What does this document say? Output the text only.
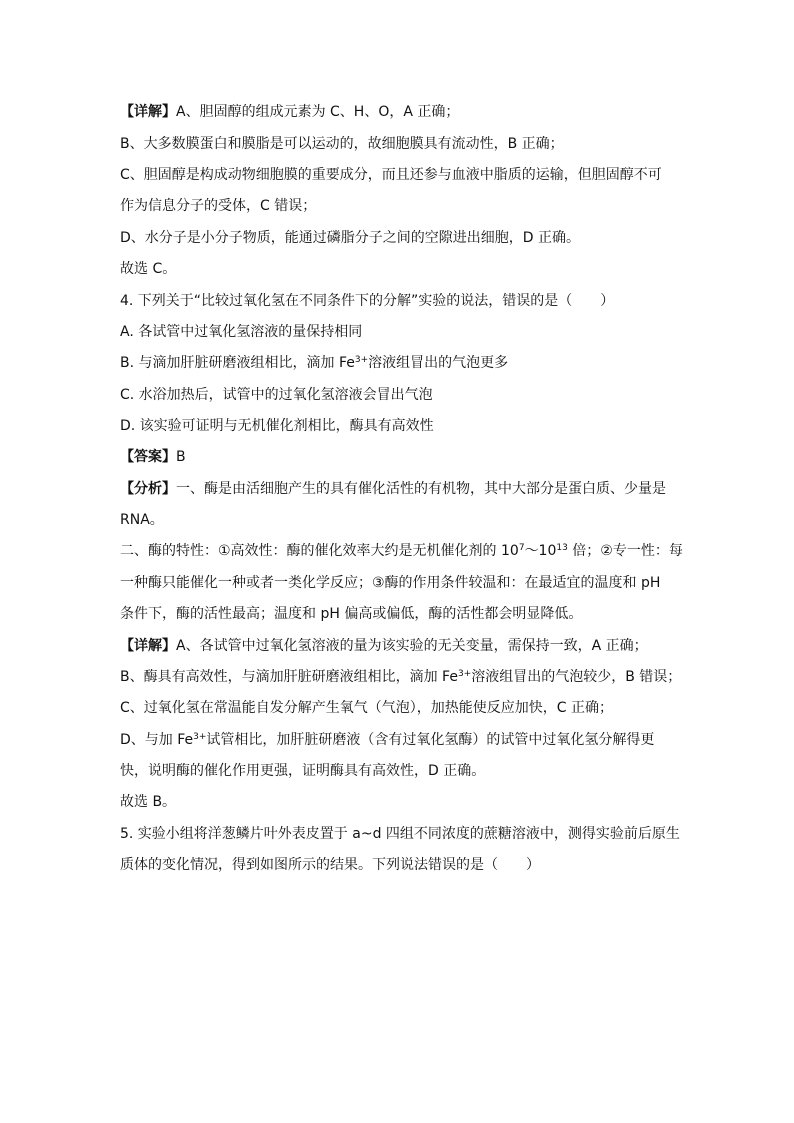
【详解】A、胆固醇的组成元素为 C、H、O，A 正确；
B、大多数膜蛋白和膜脂是可以运动的，故细胞膜具有流动性，B 正确；
C、胆固醇是构成动物细胞膜的重要成分，而且还参与血液中脂质的运输，但胆固醇不可
作为信息分子的受体，C 错误；
D、水分子是小分子物质，能通过磷脂分子之间的空隙进出细胞，D 正确。
故选 C。
4. 下列关于“比较过氧化氢在不同条件下的分解”实验的说法，错误的是（　　）
A. 各试管中过氧化氢溶液的量保持相同
B. 与滴加肝脏研磨液组相比，滴加 $Fe^{3+}$溶液组冒出的气泡更多
C. 水浴加热后，试管中的过氧化氢溶液会冒出气泡
D. 该实验可证明与无机催化剂相比，酶具有高效性
【答案】B
【分析】一、酶是由活细胞产生的具有催化活性的有机物，其中大部分是蛋白质、少量是
RNA。
二、酶的特性：①高效性：酶的催化效率大约是无机催化剂的 $10^7\sim 10^{13}$ 倍；②专一性：每
一种酶只能催化一种或者一类化学反应；③酶的作用条件较温和：在最适宜的温度和 pH
条件下，酶的活性最高；温度和 pH 偏高或偏低，酶的活性都会明显降低。
【详解】A、各试管中过氧化氢溶液的量为该实验的无关变量，需保持一致，A 正确；
B、酶具有高效性，与滴加肝脏研磨液组相比，滴加 $Fe^{3+}$溶液组冒出的气泡较少，B 错误；
C、过氧化氢在常温能自发分解产生氧气（气泡），加热能使反应加快，C 正确；
D、与加 $Fe^{3+}$试管相比，加肝脏研磨液（含有过氧化氢酶）的试管中过氧化氢分解得更
快，说明酶的催化作用更强，证明酶具有高效性，D 正确。
故选 B。
5. 实验小组将洋葱鳞片叶外表皮置于 a~d 四组不同浓度的蔗糖溶液中，测得实验前后原生
质体的变化情况，得到如图所示的结果。下列说法错误的是（　　）
